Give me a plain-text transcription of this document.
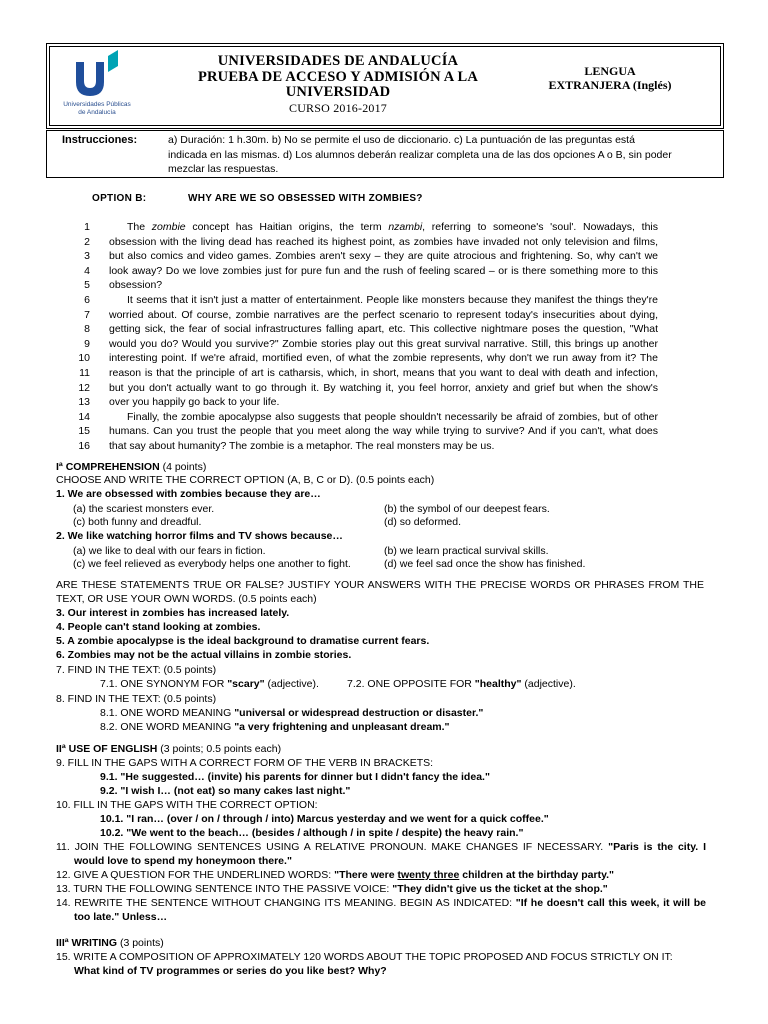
Universidades Públicas
de Andalucía
UNIVERSIDADES DE ANDALUCÍA
PRUEBA DE ACCESO Y ADMISIÓN A LA
UNIVERSIDAD
CURSO 2016-2017
LENGUA
EXTRANJERA (Inglés)
Instrucciones:	a) Duración: 1 h.30m. b) No se permite el uso de diccionario. c) La puntuación de las preguntas está
indicada en las mismas. d) Los alumnos deberán realizar completa una de las dos opciones A o B, sin poder
mezclar las respuestas.
OPTION B:	WHY ARE WE SO OBSESSED WITH ZOMBIES?
1	The zombie concept has Haitian origins, the term nzambi, referring to someone's 'soul'. Nowadays, this
2 obsession with the living dead has reached its highest point, as zombies have invaded not only television and films,
3 but also comics and video games. Zombies aren't sexy – they are quite atrocious and frightening. So, why can't we
4 look away? Do we love zombies just for pure fun and the rush of feeling scared – or is there something more to this
5 obsession?
6	It seems that it isn't just a matter of entertainment. People like monsters because they manifest the things they're
7 worried about. Of course, zombie narratives are the perfect scenario to represent today's insecurities about dying,
8 getting sick, the fear of social infrastructures falling apart, etc. This collective nightmare poses the question, "What
9 would you do? Would you survive?" Zombie stories play out this great survival narrative. Still, this brings up another
10 interesting point. If we're afraid, mortified even, of what the zombie represents, why don't we run away from it? The
11 reason is that the principle of art is catharsis, which, in short, means that you want to deal with death and infection,
12 but you don't actually want to go through it. By watching it, you feel horror, anxiety and grief but when the show's
13 over you happily go back to your life.
14	Finally, the zombie apocalypse also suggests that people shouldn't necessarily be afraid of zombies, but of other
15 humans. Can you trust the people that you meet along the way while trying to survive? And if you can't, what does
16 that say about humanity? The zombie is a metaphor. The real monsters may be us.
Iª COMPREHENSION (4 points)
CHOOSE AND WRITE THE CORRECT OPTION (A, B, C or D). (0.5 points each)
1. We are obsessed with zombies because they are…
(a) the scariest monsters ever.	(b) the symbol of our deepest fears.
(c) both funny and dreadful.	(d) so deformed.
2. We like watching horror films and TV shows because…
(a) we like to deal with our fears in fiction.	(b) we learn practical survival skills.
(c) we feel relieved as everybody helps one another to fight.	(d) we feel sad once the show has finished.
ARE THESE STATEMENTS TRUE OR FALSE? JUSTIFY YOUR ANSWERS WITH THE PRECISE WORDS OR PHRASES FROM THE
TEXT, OR USE YOUR OWN WORDS. (0.5 points each)
3. Our interest in zombies has increased lately.
4. People can't stand looking at zombies.
5. A zombie apocalypse is the ideal background to dramatise current fears.
6. Zombies may not be the actual villains in zombie stories.
7. FIND IN THE TEXT: (0.5 points)
7.1. ONE SYNONYM FOR "scary" (adjective).	7.2. ONE OPPOSITE FOR "healthy" (adjective).
8. FIND IN THE TEXT: (0.5 points)
8.1. ONE WORD MEANING "universal or widespread destruction or disaster."
8.2. ONE WORD MEANING "a very frightening and unpleasant dream."
IIª USE OF ENGLISH (3 points; 0.5 points each)
9. FILL IN THE GAPS WITH A CORRECT FORM OF THE VERB IN BRACKETS:
9.1. "He suggested… (invite) his parents for dinner but I didn't fancy the idea."
9.2. "I wish I… (not eat) so many cakes last night."
10. FILL IN THE GAPS WITH THE CORRECT OPTION:
10.1. "I ran… (over / on / through / into) Marcus yesterday and we went for a quick coffee."
10.2. "We went to the beach… (besides / although / in spite / despite) the heavy rain."
11. JOIN THE FOLLOWING SENTENCES USING A RELATIVE PRONOUN. MAKE CHANGES IF NECESSARY. "Paris is the city. I
would love to spend my honeymoon there."
12. GIVE A QUESTION FOR THE UNDERLINED WORDS: "There were twenty three children at the birthday party."
13. TURN THE FOLLOWING SENTENCE INTO THE PASSIVE VOICE: "They didn't give us the ticket at the shop."
14. REWRITE THE SENTENCE WITHOUT CHANGING ITS MEANING. BEGIN AS INDICATED: "If he doesn't call this week, it will be
too late." Unless…
IIIª WRITING (3 points)
15. WRITE A COMPOSITION OF APPROXIMATELY 120 WORDS ABOUT THE TOPIC PROPOSED AND FOCUS STRICTLY ON IT:
What kind of TV programmes or series do you like best? Why?
